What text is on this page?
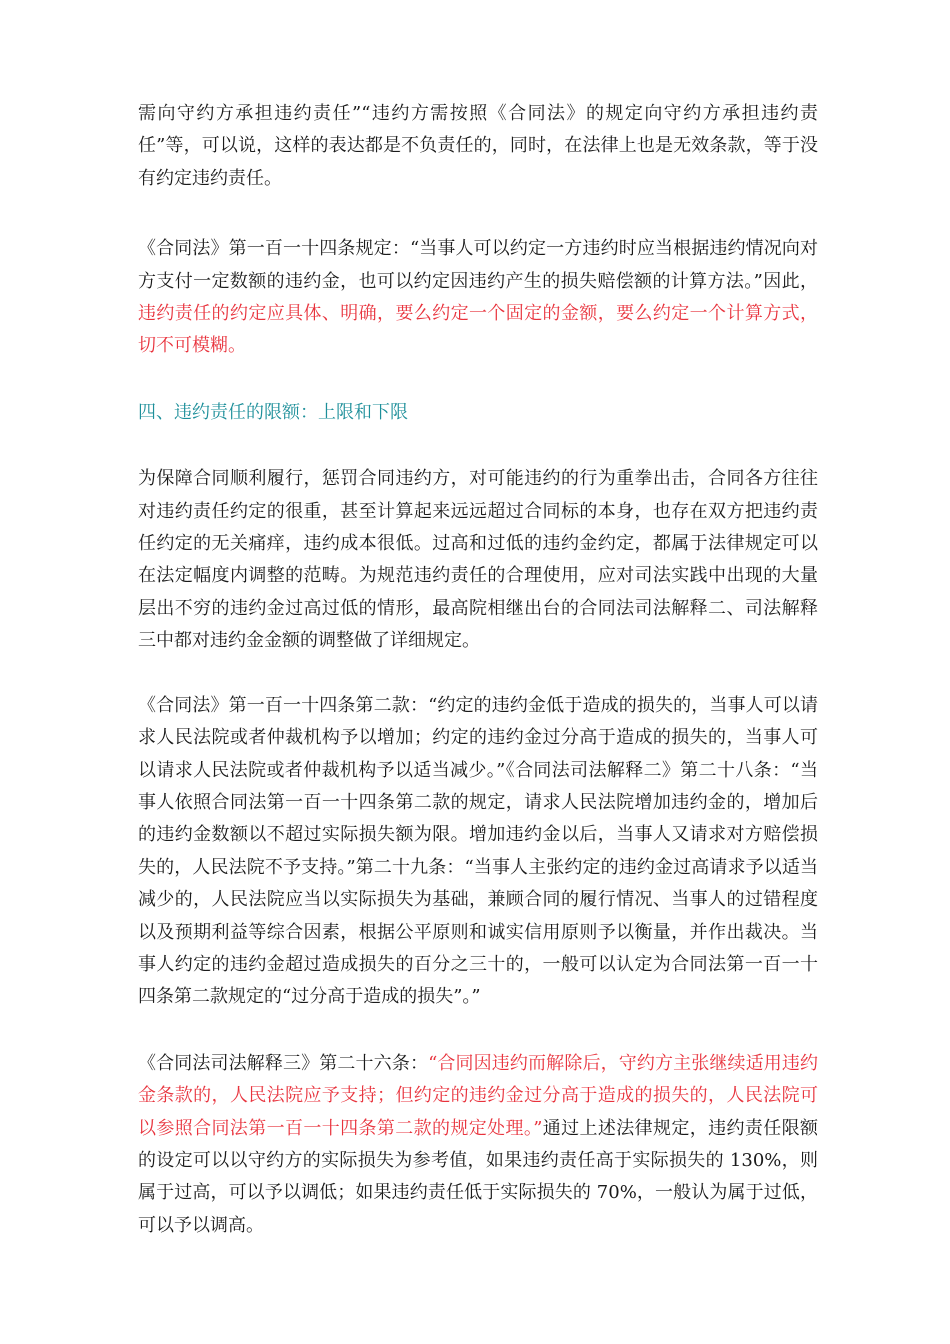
需向守约方承担违约责任”“违约方需按照《合同法》的规定向守约方承担违约责任”等，可以说，这样的表达都是不负责任的，同时，在法律上也是无效条款，等于没有约定违约责任。

《合同法》第一百一十四条规定：“当事人可以约定一方违约时应当根据违约情况向对方支付一定数额的违约金，也可以约定因违约产生的损失赔偿额的计算方法。”因此，违约责任的约定应具体、明确，要么约定一个固定的金额，要么约定一个计算方式，切不可模糊。

四、违约责任的限额：上限和下限

为保障合同顺利履行，惩罚合同违约方，对可能违约的行为重拳出击，合同各方往往对违约责任约定的很重，甚至计算起来远远超过合同标的本身，也存在双方把违约责任约定的无关痛痒，违约成本很低。过高和过低的违约金约定，都属于法律规定可以在法定幅度内调整的范畴。为规范违约责任的合理使用，应对司法实践中出现的大量层出不穷的违约金过高过低的情形，最高院相继出台的合同法司法解释二、司法解释三中都对违约金金额的调整做了详细规定。

《合同法》第一百一十四条第二款：“约定的违约金低于造成的损失的，当事人可以请求人民法院或者仲裁机构予以增加；约定的违约金过分高于造成的损失的，当事人可以请求人民法院或者仲裁机构予以适当减少。”《合同法司法解释二》第二十八条：“当事人依照合同法第一百一十四条第二款的规定，请求人民法院增加违约金的，增加后的违约金数额以不超过实际损失额为限。增加违约金以后，当事人又请求对方赔偿损失的，人民法院不予支持。”第二十九条：“当事人主张约定的违约金过高请求予以适当减少的，人民法院应当以实际损失为基础，兼顾合同的履行情况、当事人的过错程度以及预期利益等综合因素，根据公平原则和诚实信用原则予以衡量，并作出裁决。当事人约定的违约金超过造成损失的百分之三十的，一般可以认定为合同法第一百一十四条第二款规定的“过分高于造成的损失”。”

《合同法司法解释三》第二十六条：“合同因违约而解除后，守约方主张继续适用违约金条款的，人民法院应予支持；但约定的违约金过分高于造成的损失的，人民法院可以参照合同法第一百一十四条第二款的规定处理。”通过上述法律规定，违约责任限额的设定可以以守约方的实际损失为参考值，如果违约责任高于实际损失的 130%，则属于过高，可以予以调低；如果违约责任低于实际损失的 70%，一般认为属于过低，可以予以调高。
